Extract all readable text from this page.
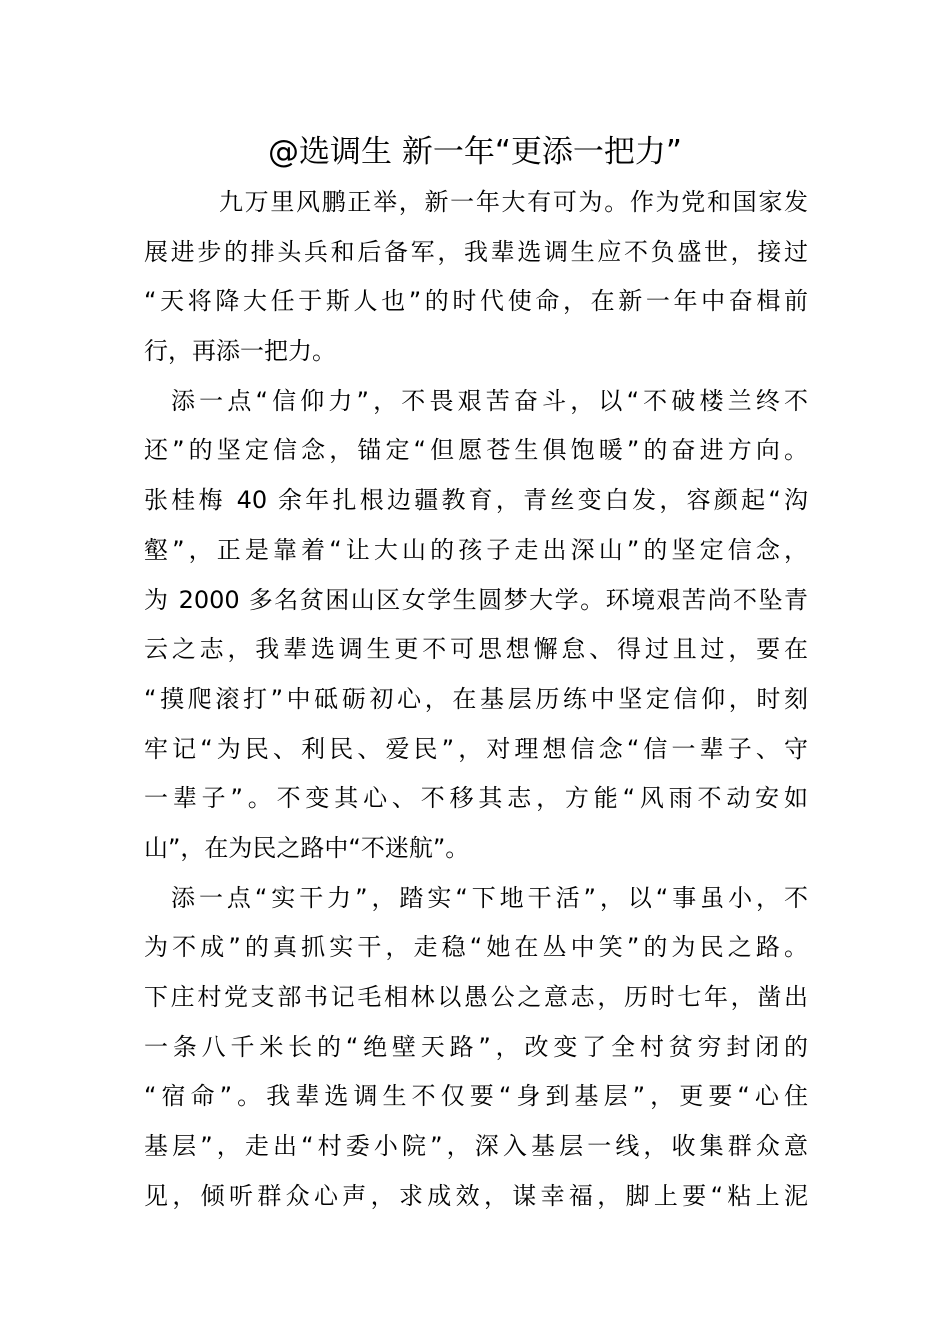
@选调生 新一年“更添一把力”
九万里风鹏正举，新一年大有可为。作为党和国家发
展进步的排头兵和后备军，我辈选调生应不负盛世，接过
“天将降大任于斯人也”的时代使命，在新一年中奋楫前
行，再添一把力。
添一点“信仰力”，不畏艰苦奋斗，以“不破楼兰终不
还”的坚定信念，锚定“但愿苍生俱饱暖”的奋进方向。
张桂梅 40 余年扎根边疆教育，青丝变白发，容颜起“沟
壑”，正是靠着“让大山的孩子走出深山”的坚定信念，
为 2000 多名贫困山区女学生圆梦大学。环境艰苦尚不坠青
云之志，我辈选调生更不可思想懈怠、得过且过，要在
“摸爬滚打”中砥砺初心，在基层历练中坚定信仰，时刻
牢记“为民、利民、爱民”，对理想信念“信一辈子、守
一辈子”。不变其心、不移其志，方能“风雨不动安如
山”，在为民之路中“不迷航”。
添一点“实干力”，踏实“下地干活”，以“事虽小，不
为不成”的真抓实干，走稳“她在丛中笑”的为民之路。
下庄村党支部书记毛相林以愚公之意志，历时七年，凿出
一条八千米长的“绝壁天路”，改变了全村贫穷封闭的
“宿命”。我辈选调生不仅要“身到基层”，更要“心住
基层”，走出“村委小院”，深入基层一线，收集群众意
见，倾听群众心声，求成效，谋幸福，脚上要“粘上泥
